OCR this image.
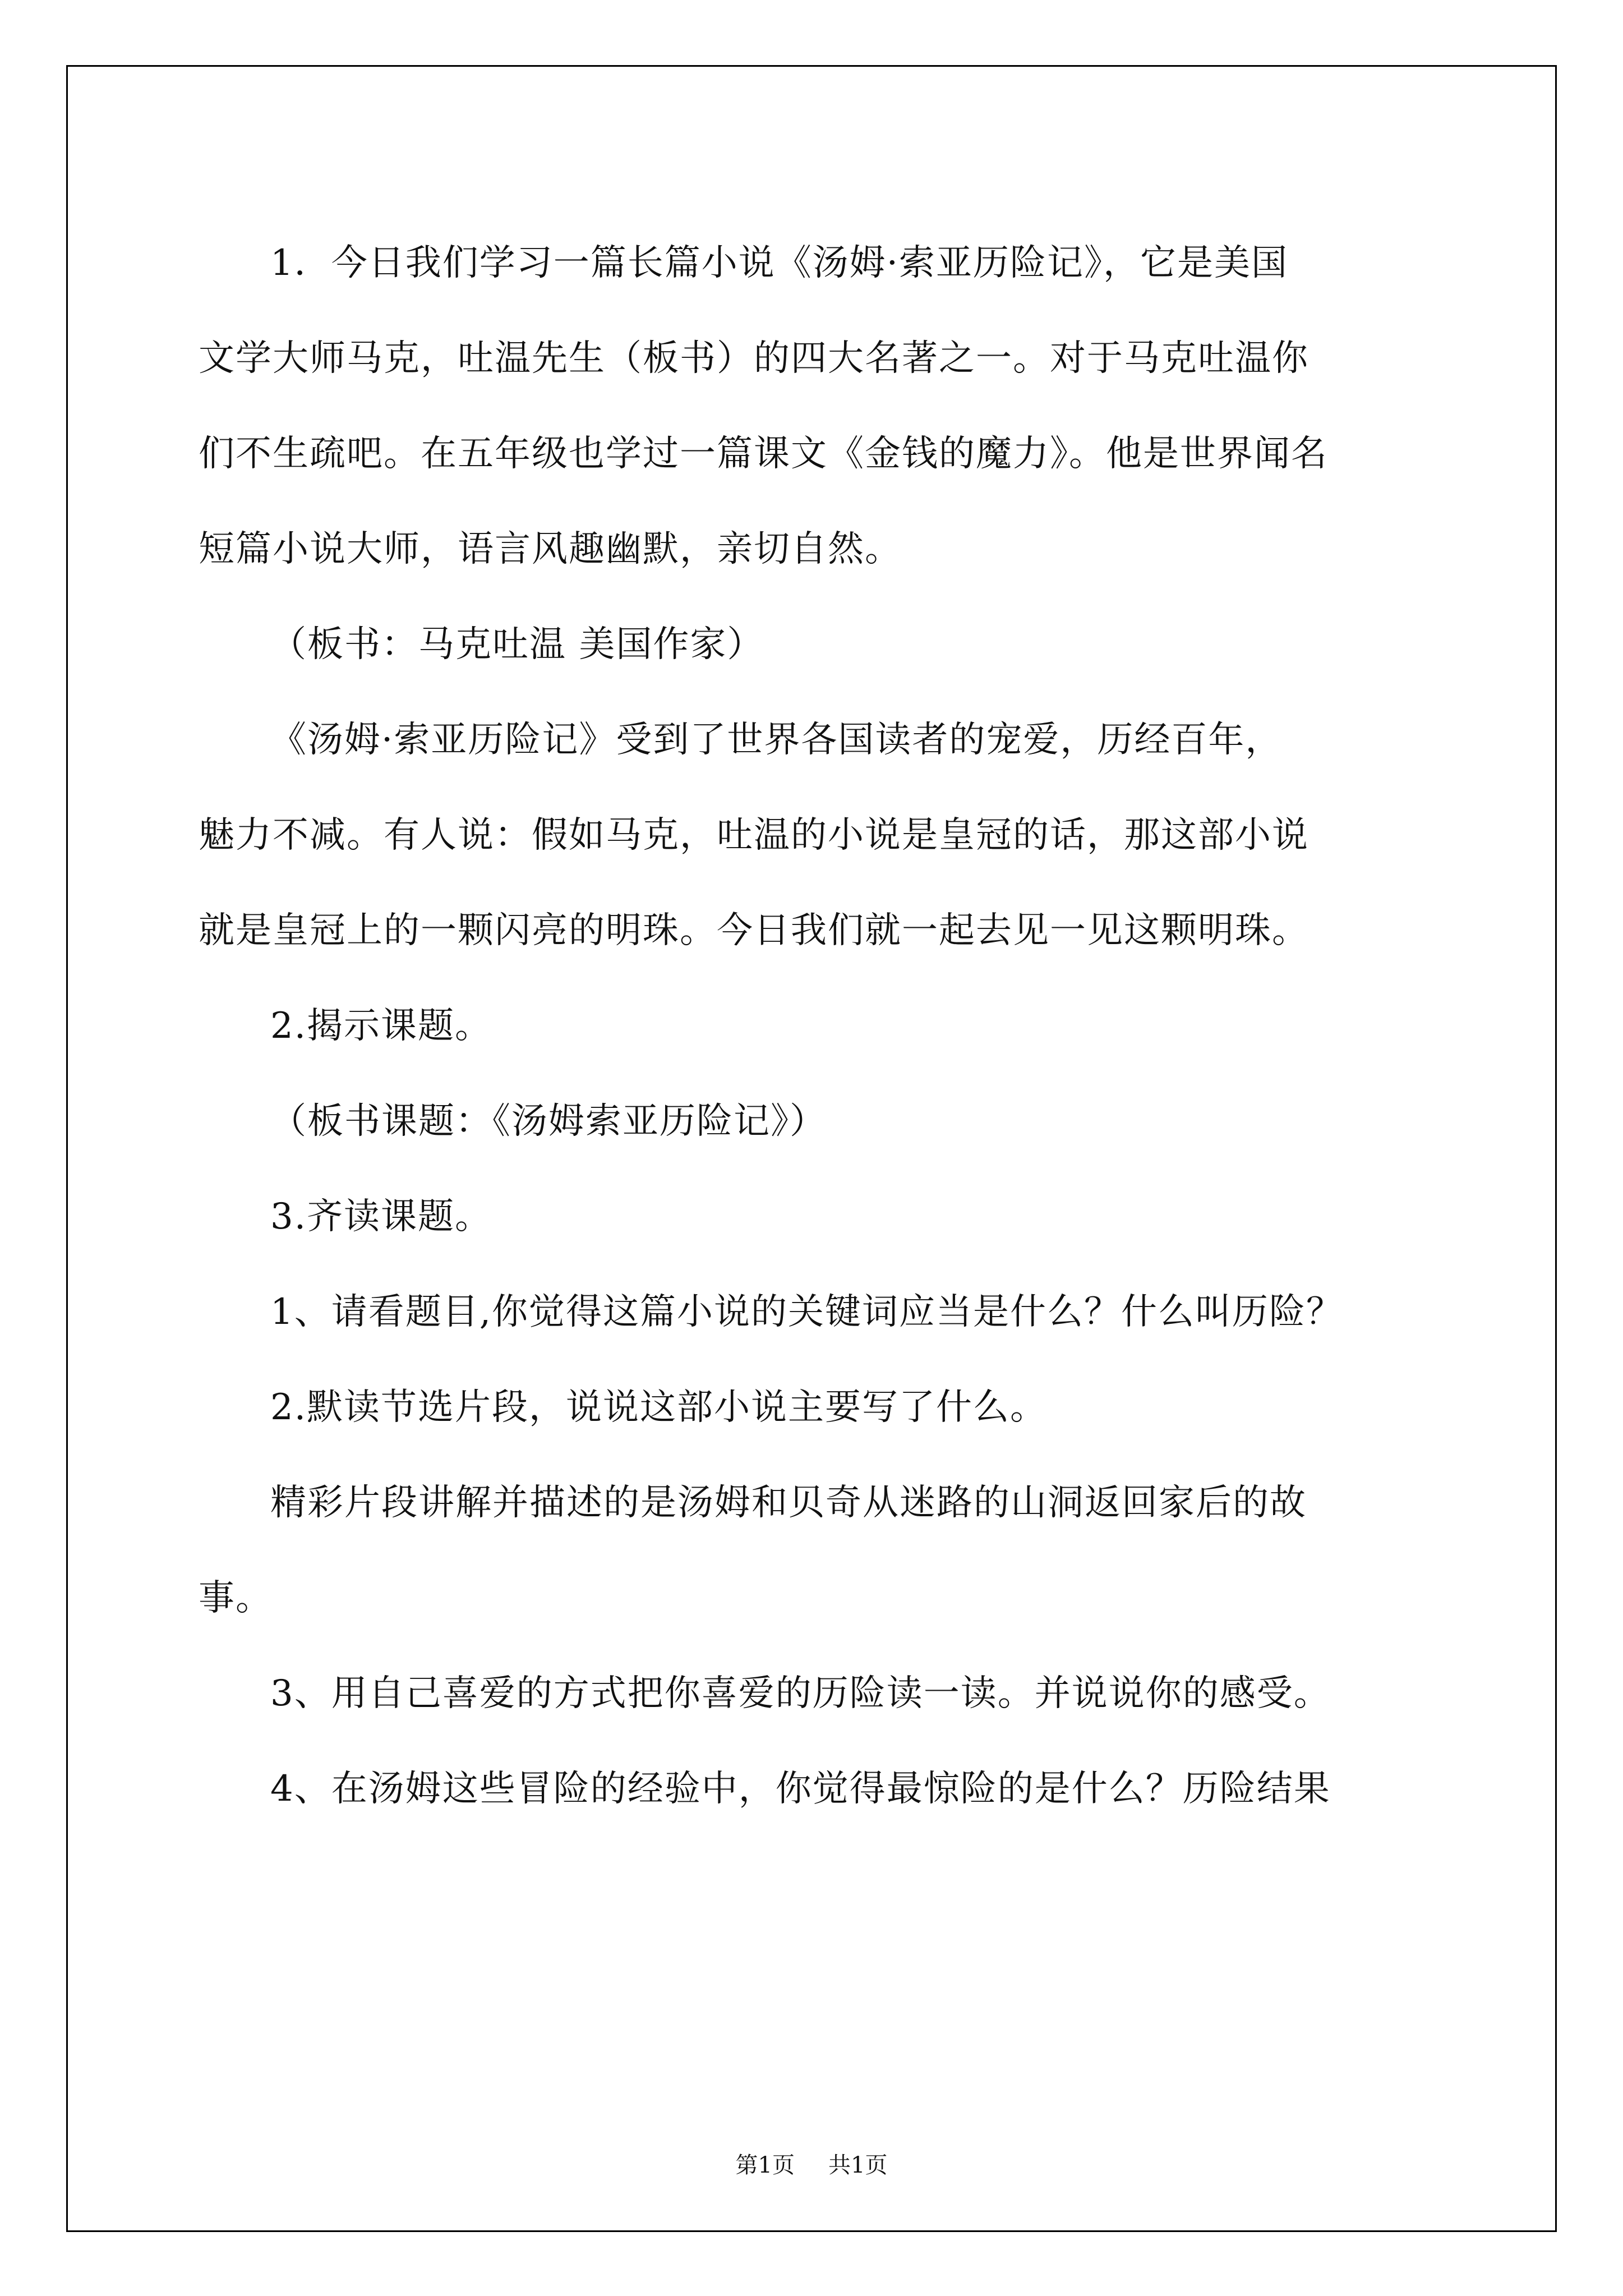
1．今日我们学习一篇长篇小说《汤姆·索亚历险记》，它是美国
文学大师马克，吐温先生（板书）的四大名著之一。对于马克吐温你
们不生疏吧。在五年级也学过一篇课文《金钱的魔力》。他是世界闻名
短篇小说大师，语言风趣幽默，亲切自然。
（板书：马克吐温 美国作家）
《汤姆·索亚历险记》受到了世界各国读者的宠爱，历经百年，
魅力不减。有人说：假如马克，吐温的小说是皇冠的话，那这部小说
就是皇冠上的一颗闪亮的明珠。今日我们就一起去见一见这颗明珠。
2.揭示课题。
（板书课题：《汤姆索亚历险记》）
3.齐读课题。
1、请看题目,你觉得这篇小说的关键词应当是什么？什么叫历险？
2.默读节选片段，说说这部小说主要写了什么。
精彩片段讲解并描述的是汤姆和贝奇从迷路的山洞返回家后的故
事。
3、用自己喜爱的方式把你喜爱的历险读一读。并说说你的感受。
4、在汤姆这些冒险的经验中，你觉得最惊险的是什么？历险结果
第1页 共1页
